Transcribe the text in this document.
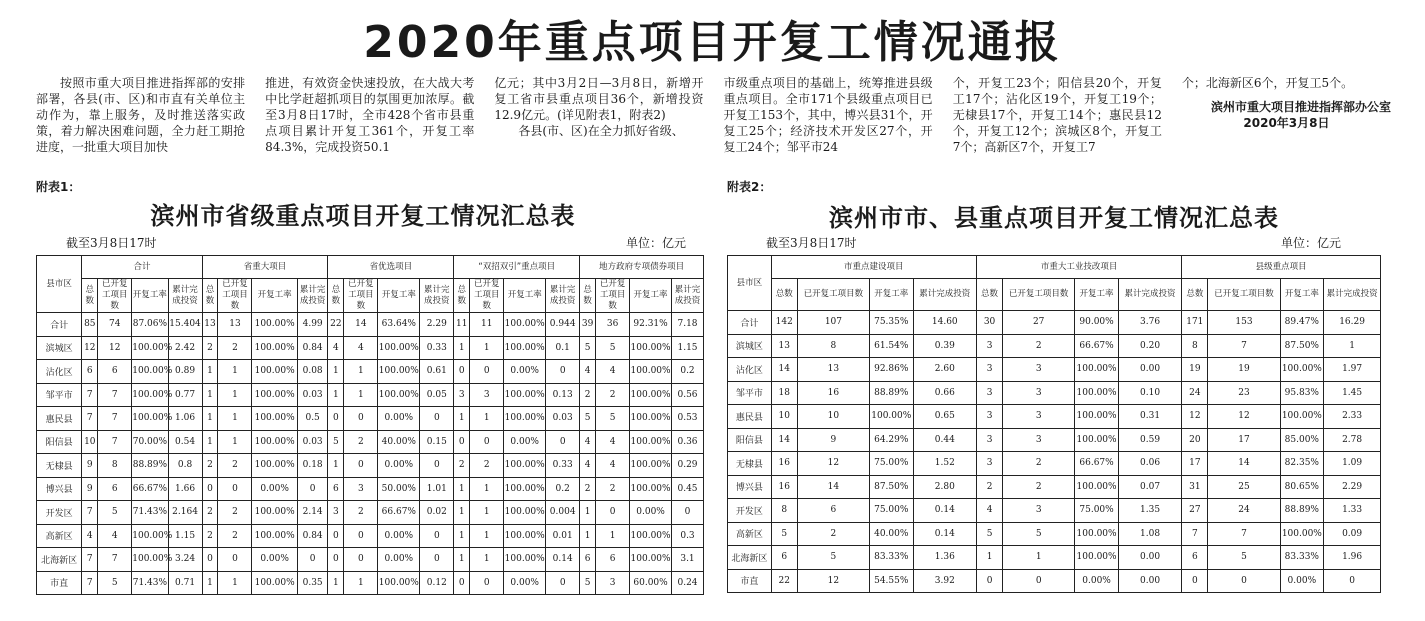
2020年重点项目开复工情况通报

按照市重大项目推进指挥部的安排部署，各县(市、区)和市直有关单位主动作为，靠上服务，及时推送落实政策，着力解决困难问题，全力赶工期抢进度，一批重大项目加快

推进，有效资金快速投放，在大战大考中比学赶超抓项目的氛围更加浓厚。截至3月8日17时，全市428个省市县重点项目累计开复工361个，开复工率84.3%，完成投资50.1

亿元；其中3月2日—3月8日，新增开复工省市县重点项目36个，新增投资12.9亿元。(详见附表1，附表2)

各县(市、区)在全力抓好省级、

市级重点项目的基础上，统筹推进县级重点项目。全市171个县级重点项目已开复工153个，其中，博兴县31个，开复工25个；经济技术开发区27个，开复工24个；邹平市24

个，开复工23个；阳信县20个，开复工17个；沾化区19个，开复工19个；无棣县17个，开复工14个；惠民县12个，开复工12个；滨城区8个，开复工7个；高新区7个，开复工7

个；北海新区6个，开复工5个。

滨州市重大项目推进指挥部办公室
2020年3月8日
附表1：
滨州市省级重点项目开复工情况汇总表
截至3月8日17时	单位：亿元
县市区	合计				省重大项目				省优选项目				“双招双引”重点项目				地方政府专项债券项目			
	总数	已开复工项目数	开复工率	累计完成投资	总数	已开复工项目数	开复工率	累计完成投资	总数	已开复工项目数	开复工率	累计完成投资	总数	已开复工项目数	开复工率	累计完成投资	总数	已开复工项目数	开复工率	累计完成投资
合计	85	74	87.06%	15.404	13	13	100.00%	4.99	22	14	63.64%	2.29	11	11	100.00%	0.944	39	36	92.31%	7.18
滨城区	12	12	100.00%	2.42	2	2	100.00%	0.84	4	4	100.00%	0.33	1	1	100.00%	0.1	5	5	100.00%	1.15
沾化区	6	6	100.00%	0.89	1	1	100.00%	0.08	1	1	100.00%	0.61	0	0	0.00%	0	4	4	100.00%	0.2
邹平市	7	7	100.00%	0.77	1	1	100.00%	0.03	1	1	100.00%	0.05	3	3	100.00%	0.13	2	2	100.00%	0.56
惠民县	7	7	100.00%	1.06	1	1	100.00%	0.5	0	0	0.00%	0	1	1	100.00%	0.03	5	5	100.00%	0.53
阳信县	10	7	70.00%	0.54	1	1	100.00%	0.03	5	2	40.00%	0.15	0	0	0.00%	0	4	4	100.00%	0.36
无棣县	9	8	88.89%	0.8	2	2	100.00%	0.18	1	0	0.00%	0	2	2	100.00%	0.33	4	4	100.00%	0.29
博兴县	9	6	66.67%	1.66	0	0	0.00%	0	6	3	50.00%	1.01	1	1	100.00%	0.2	2	2	100.00%	0.45
开发区	7	5	71.43%	2.164	2	2	100.00%	2.14	3	2	66.67%	0.02	1	1	100.00%	0.004	1	0	0.00%	0
高新区	4	4	100.00%	1.15	2	2	100.00%	0.84	0	0	0.00%	0	1	1	100.00%	0.01	1	1	100.00%	0.3
北海新区	7	7	100.00%	3.24	0	0	0.00%	0	0	0	0.00%	0	1	1	100.00%	0.14	6	6	100.00%	3.1
市直	7	5	71.43%	0.71	1	1	100.00%	0.35	1	1	100.00%	0.12	0	0	0.00%	0	5	3	60.00%	0.24
附表2：
滨州市市、县重点项目开复工情况汇总表
截至3月8日17时	单位：亿元
县市区	市重点建设项目				市重大工业技改项目				县级重点项目			
	总数	已开复工项目数	开复工率	累计完成投资	总数	已开复工项目数	开复工率	累计完成投资	总数	已开复工项目数	开复工率	累计完成投资
合计	142	107	75.35%	14.60	30	27	90.00%	3.76	171	153	89.47%	16.29
滨城区	13	8	61.54%	0.39	3	2	66.67%	0.20	8	7	87.50%	1
沾化区	14	13	92.86%	2.60	3	3	100.00%	0.00	19	19	100.00%	1.97
邹平市	18	16	88.89%	0.66	3	3	100.00%	0.10	24	23	95.83%	1.45
惠民县	10	10	100.00%	0.65	3	3	100.00%	0.31	12	12	100.00%	2.33
阳信县	14	9	64.29%	0.44	3	3	100.00%	0.59	20	17	85.00%	2.78
无棣县	16	12	75.00%	1.52	3	2	66.67%	0.06	17	14	82.35%	1.09
博兴县	16	14	87.50%	2.80	2	2	100.00%	0.07	31	25	80.65%	2.29
开发区	8	6	75.00%	0.14	4	3	75.00%	1.35	27	24	88.89%	1.33
高新区	5	2	40.00%	0.14	5	5	100.00%	1.08	7	7	100.00%	0.09
北海新区	6	5	83.33%	1.36	1	1	100.00%	0.00	6	5	83.33%	1.96
市直	22	12	54.55%	3.92	0	0	0.00%	0.00	0	0	0.00%	0
